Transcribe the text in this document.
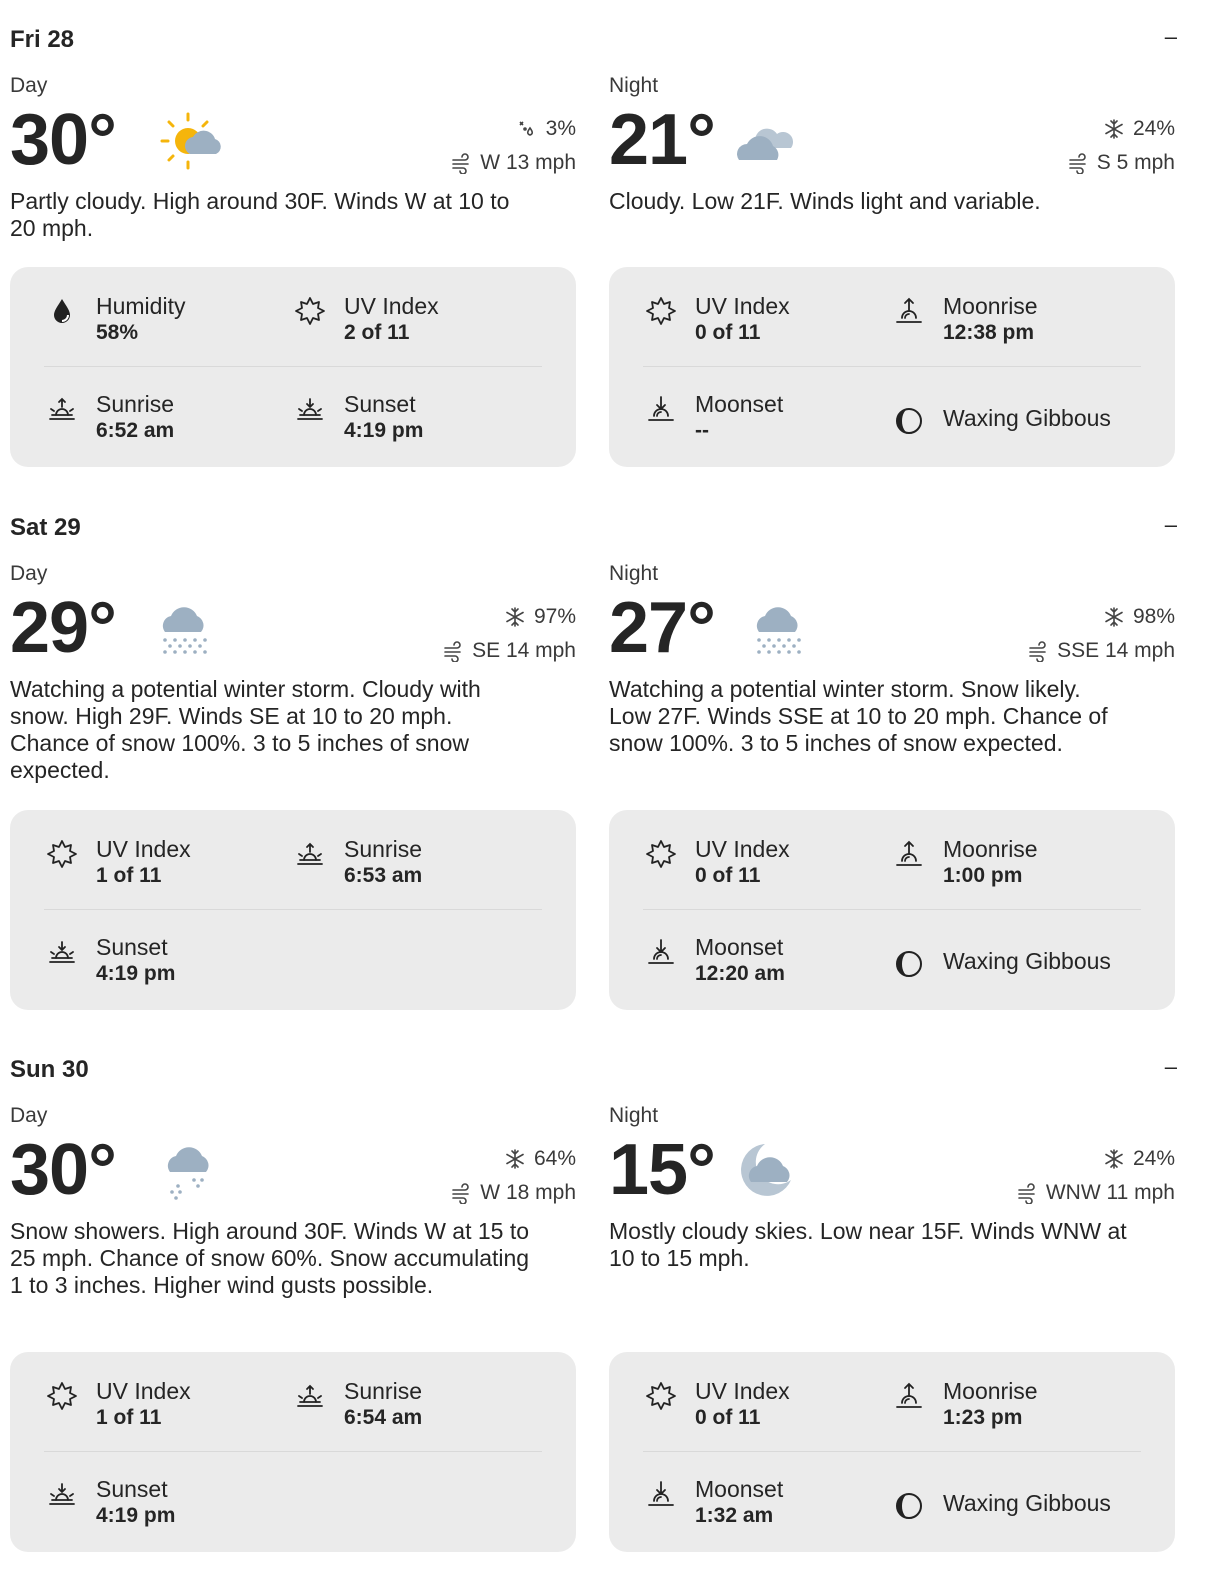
Fri 28	–
Day
30°	3%
W 13 mph

Partly cloudy. High around 30F. Winds W at 10 to 20 mph.

Humidity
58%
UV Index
2 of 11
Sunrise
6:52 am
Sunset
4:19 pm
Night
21°	24%
S 5 mph

Cloudy. Low 21F. Winds light and variable.

UV Index
0 of 11
Moonrise
12:38 pm
Moonset
--	Waxing Gibbous
Sat 29	–
Day
29°	97%
SE 14 mph

Watching a potential winter storm. Cloudy with snow. High 29F. Winds SE at 10 to 20 mph. Chance of snow 100%. 3 to 5 inches of snow expected.

UV Index
1 of 11
Sunrise
6:53 am
Sunset
4:19 pm
Night
27°	98%
SSE 14 mph

Watching a potential winter storm. Snow likely. Low 27F. Winds SSE at 10 to 20 mph. Chance of snow 100%. 3 to 5 inches of snow expected.

UV Index
0 of 11
Moonrise
1:00 pm
Moonset
12:20 am	Waxing Gibbous
Sun 30	–
Day
30°	64%
W 18 mph

Snow showers. High around 30F. Winds W at 15 to 25 mph. Chance of snow 60%. Snow accumulating 1 to 3 inches. Higher wind gusts possible.

UV Index
1 of 11
Sunrise
6:54 am
Sunset
4:19 pm
Night
15°	24%
WNW 11 mph

Mostly cloudy skies. Low near 15F. Winds WNW at 10 to 15 mph.

UV Index
0 of 11
Moonrise
1:23 pm
Moonset
1:32 am	Waxing Gibbous
